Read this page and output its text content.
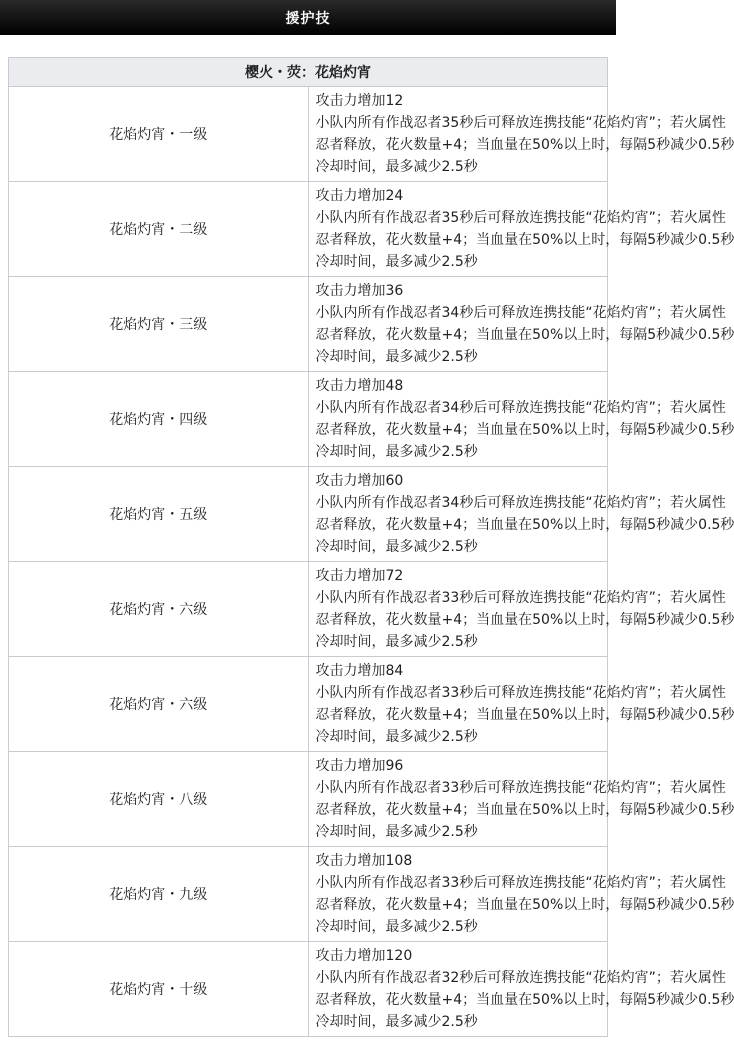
援护技
樱火・荧：花焰灼宵	
花焰灼宵・一级	攻击力增加12
小队内所有作战忍者35秒后可释放连携技能“花焰灼宵”；若火属性
忍者释放，花火数量+4；当血量在50%以上时，每隔5秒减少0.5秒
冷却时间，最多减少2.5秒

花焰灼宵・二级	攻击力增加24
小队内所有作战忍者35秒后可释放连携技能“花焰灼宵”；若火属性
忍者释放，花火数量+4；当血量在50%以上时，每隔5秒减少0.5秒
冷却时间，最多减少2.5秒

花焰灼宵・三级	攻击力增加36
小队内所有作战忍者34秒后可释放连携技能“花焰灼宵”；若火属性
忍者释放，花火数量+4；当血量在50%以上时，每隔5秒减少0.5秒
冷却时间，最多减少2.5秒

花焰灼宵・四级	攻击力增加48
小队内所有作战忍者34秒后可释放连携技能“花焰灼宵”；若火属性
忍者释放，花火数量+4；当血量在50%以上时，每隔5秒减少0.5秒
冷却时间，最多减少2.5秒

花焰灼宵・五级	攻击力增加60
小队内所有作战忍者34秒后可释放连携技能“花焰灼宵”；若火属性
忍者释放，花火数量+4；当血量在50%以上时，每隔5秒减少0.5秒
冷却时间，最多减少2.5秒

花焰灼宵・六级	攻击力增加72
小队内所有作战忍者33秒后可释放连携技能“花焰灼宵”；若火属性
忍者释放，花火数量+4；当血量在50%以上时，每隔5秒减少0.5秒
冷却时间，最多减少2.5秒

花焰灼宵・六级	攻击力增加84
小队内所有作战忍者33秒后可释放连携技能“花焰灼宵”；若火属性
忍者释放，花火数量+4；当血量在50%以上时，每隔5秒减少0.5秒
冷却时间，最多减少2.5秒

花焰灼宵・八级	攻击力增加96
小队内所有作战忍者33秒后可释放连携技能“花焰灼宵”；若火属性
忍者释放，花火数量+4；当血量在50%以上时，每隔5秒减少0.5秒
冷却时间，最多减少2.5秒

花焰灼宵・九级	攻击力增加108
小队内所有作战忍者33秒后可释放连携技能“花焰灼宵”；若火属性
忍者释放，花火数量+4；当血量在50%以上时，每隔5秒减少0.5秒
冷却时间，最多减少2.5秒

花焰灼宵・十级	攻击力增加120
小队内所有作战忍者32秒后可释放连携技能“花焰灼宵”；若火属性
忍者释放，花火数量+4；当血量在50%以上时，每隔5秒减少0.5秒
冷却时间，最多减少2.5秒
